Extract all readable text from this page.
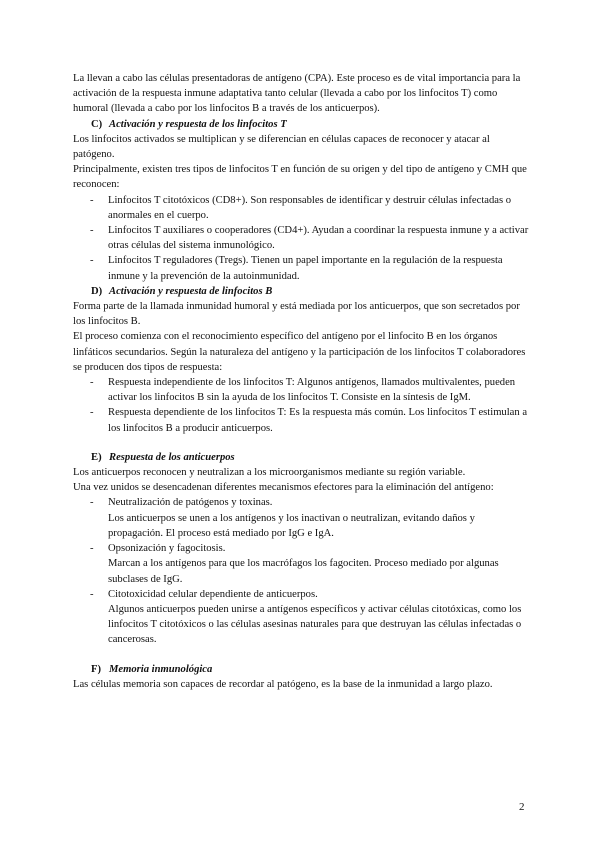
La llevan a cabo las células presentadoras de antígeno (CPA). Este proceso es de vital importancia para la activación de la respuesta inmune adaptativa tanto celular (llevada a cabo por los linfocitos T) como humoral (llevada a cabo por los linfocitos B a través de los anticuerpos).

C) Activación y respuesta de los linfocitos T

Los linfocitos activados se multiplican y se diferencian en células capaces de reconocer y atacar al patógeno.

Principalmente, existen tres tipos de linfocitos T en función de su origen y del tipo de antígeno y CMH que reconocen:

- Linfocitos T citotóxicos (CD8+). Son responsables de identificar y destruir células infectadas o anormales en el cuerpo.
- Linfocitos T auxiliares o cooperadores (CD4+). Ayudan a coordinar la respuesta inmune y a activar otras células del sistema inmunológico.
- Linfocitos T reguladores (Tregs). Tienen un papel importante en la regulación de la respuesta inmune y la prevención de la autoinmunidad.

D) Activación y respuesta de linfocitos B

Forma parte de la llamada inmunidad humoral y está mediada por los anticuerpos, que son secretados por los linfocitos B.

El proceso comienza con el reconocimiento específico del antígeno por el linfocito B en los órganos linfáticos secundarios. Según la naturaleza del antígeno y la participación de los linfocitos T colaboradores se producen dos tipos de respuesta:

- Respuesta independiente de los linfocitos T: Algunos antígenos, llamados multivalentes, pueden activar los linfocitos B sin la ayuda de los linfocitos T. Consiste en la síntesis de IgM.
- Respuesta dependiente de los linfocitos T: Es la respuesta más común. Los linfocitos T estimulan a los linfocitos B a producir anticuerpos.

E) Respuesta de los anticuerpos

Los anticuerpos reconocen y neutralizan a los microorganismos mediante su región variable.

Una vez unidos se desencadenan diferentes mecanismos efectores para la eliminación del antígeno:

- Neutralización de patógenos y toxinas.
Los anticuerpos se unen a los antígenos y los inactivan o neutralizan, evitando daños y propagación. El proceso está mediado por IgG e IgA.
- Opsonización y fagocitosis.
Marcan a los antígenos para que los macrófagos los fagociten. Proceso mediado por algunas subclases de IgG.
- Citotoxicidad celular dependiente de anticuerpos.
Algunos anticuerpos pueden unirse a antígenos específicos y activar células citotóxicas, como los linfocitos T citotóxicos o las células asesinas naturales para que destruyan las células infectadas o cancerosas.

F) Memoria inmunológica

Las células memoria son capaces de recordar al patógeno, es la base de la inmunidad a largo plazo.

2
